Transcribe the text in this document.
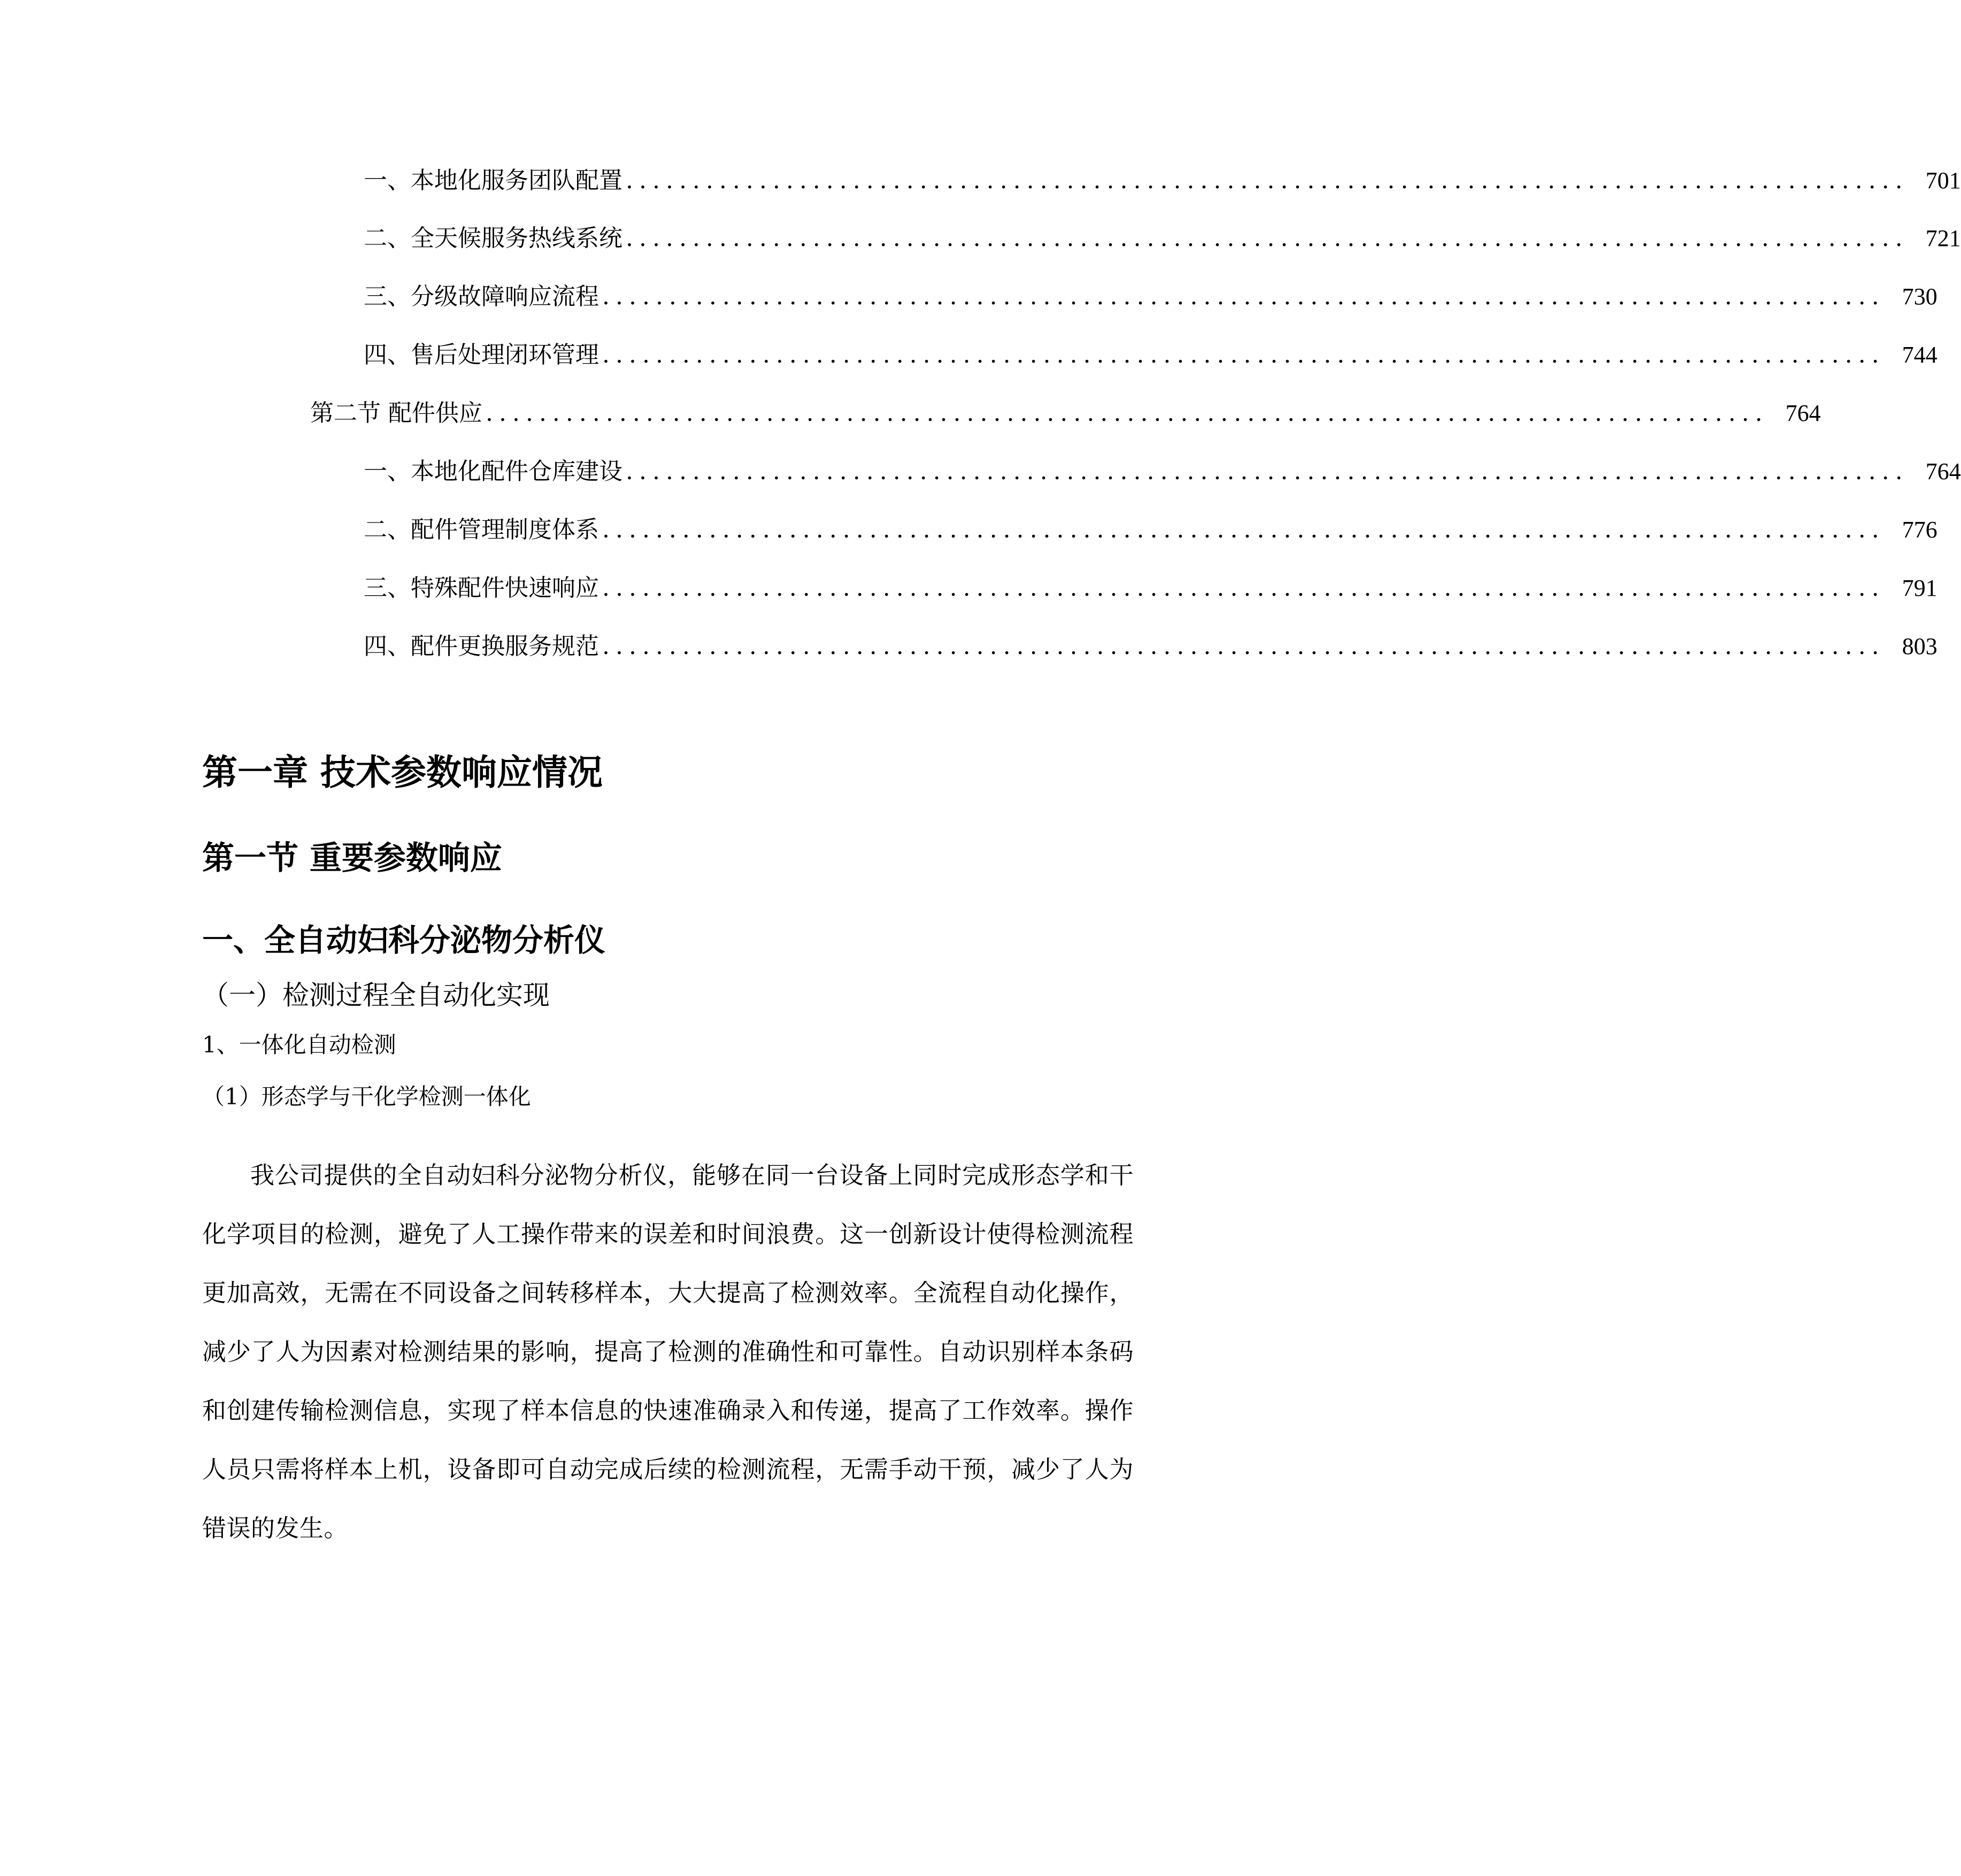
一、 本地化服务团队配置 ................................................................................................ 701
二、 全天候服务热线系统 ................................................................................................ 721
三、 分级故障响应流程 ................................................................................................ 730
四、 售后处理闭环管理 ................................................................................................ 744
第二节 配件供应 ................................................................................................ 764
一、 本地化配件仓库建设 ................................................................................................ 764
二、 配件管理制度体系 ................................................................................................ 776
三、 特殊配件快速响应 ................................................................................................ 791
四、 配件更换服务规范 ................................................................................................ 803
第一章 技术参数响应情况
第一节 重要参数响应
一、全自动妇科分泌物分析仪
（一）检测过程全自动化实现
1、一体化自动检测
（1）形态学与干化学检测一体化

我公司提供的全自动妇科分泌物分析仪，能够在同一台设备上同时完成形态学和干化学项目的检测，避免了人工操作带来的误差和时间浪费。这一创新设计使得检测流程更加高效，无需在不同设备之间转移样本，大大提高了检测效率。全流程自动化操作，减少了人为因素对检测结果的影响，提高了检测的准确性和可靠性。自动识别样本条码和创建传输检测信息，实现了样本信息的快速准确录入和传递，提高了工作效率。操作人员只需将样本上机，设备即可自动完成后续的检测流程，无需手动干预，减少了人为错误的发生。
